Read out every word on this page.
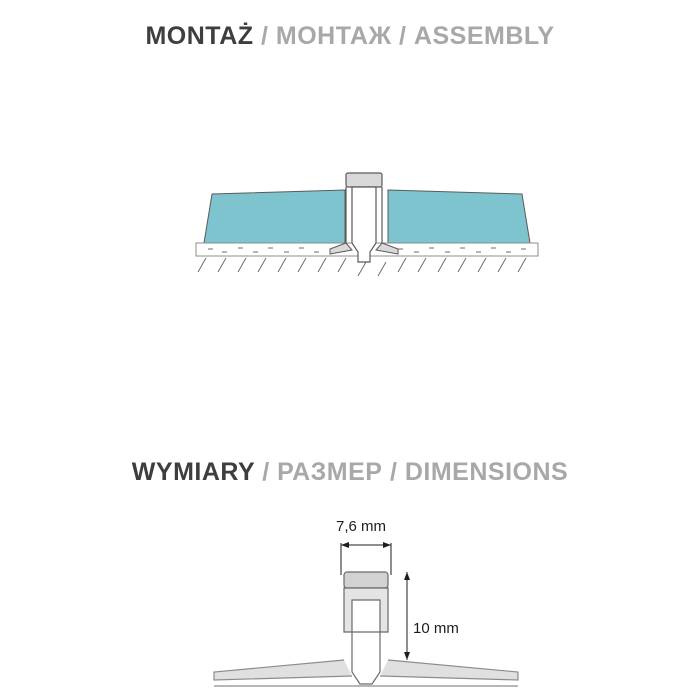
MONTAŻ / МОНТАЖ / ASSEMBLY
WYMIARY / РАЗМЕР / DIMENSIONS
7,6 mm
10 mm
